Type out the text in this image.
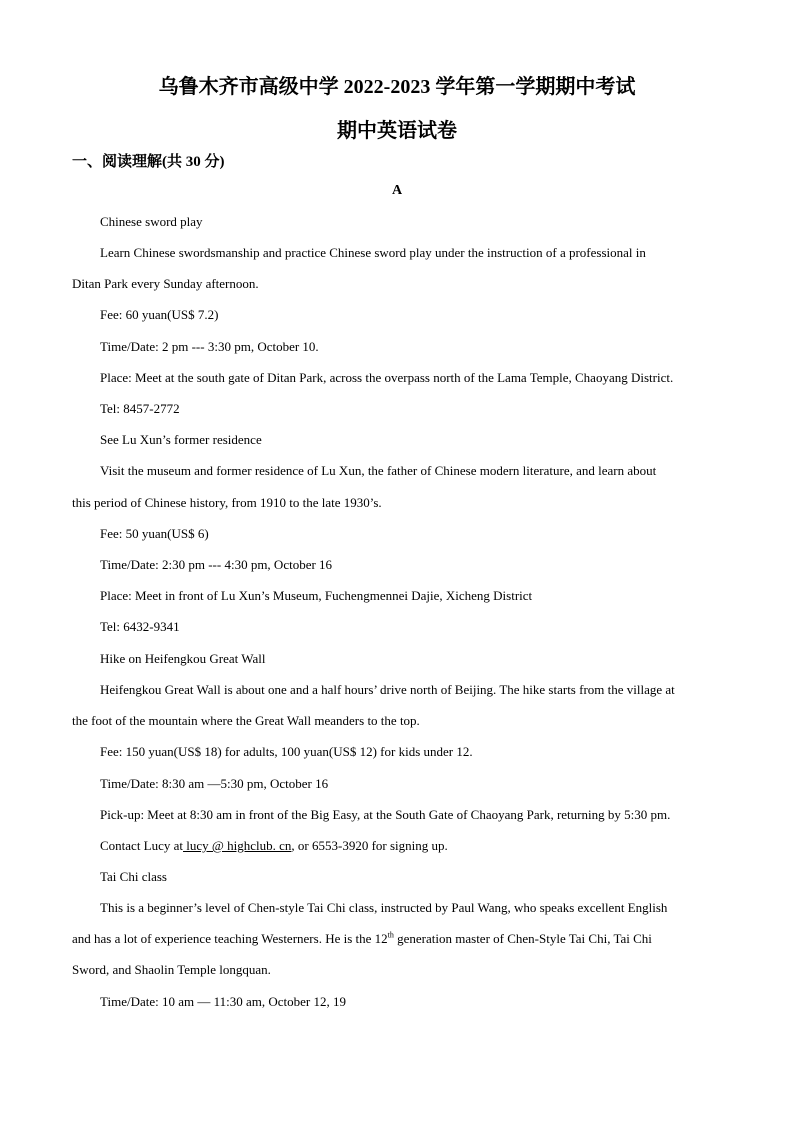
乌鲁木齐市高级中学 2022-2023 学年第一学期期中考试
期中英语试卷
一、阅读理解(共 30 分)
A
Chinese sword play
Learn Chinese swordsmanship and practice Chinese sword play under the instruction of a professional in
Ditan Park every Sunday afternoon.
Fee: 60 yuan(US$ 7.2)
Time/Date: 2 pm --- 3:30 pm, October 10.
Place: Meet at the south gate of Ditan Park, across the overpass north of the Lama Temple, Chaoyang District.
Tel: 8457-2772
See Lu Xun’s former residence
Visit the museum and former residence of Lu Xun, the father of Chinese modern literature, and learn about
this period of Chinese history, from 1910 to the late 1930’s.
Fee: 50 yuan(US$ 6)
Time/Date: 2:30 pm --- 4:30 pm, October 16
Place: Meet in front of Lu Xun’s Museum, Fuchengmennei Dajie, Xicheng District
Tel: 6432-9341
Hike on Heifengkou Great Wall
Heifengkou Great Wall is about one and a half hours’ drive north of Beijing. The hike starts from the village at
the foot of the mountain where the Great Wall meanders to the top.
Fee: 150 yuan(US$ 18) for adults, 100 yuan(US$ 12) for kids under 12.
Time/Date: 8:30 am —5:30 pm, October 16
Pick-up: Meet at 8:30 am in front of the Big Easy, at the South Gate of Chaoyang Park, returning by 5:30 pm.
Contact Lucy at lucy @ highclub. cn, or 6553-3920 for signing up.
Tai Chi class
This is a beginner’s level of Chen-style Tai Chi class, instructed by Paul Wang, who speaks excellent English
and has a lot of experience teaching Westerners. He is the 12th generation master of Chen-Style Tai Chi, Tai Chi
Sword, and Shaolin Temple longquan.
Time/Date: 10 am — 11:30 am, October 12, 19
